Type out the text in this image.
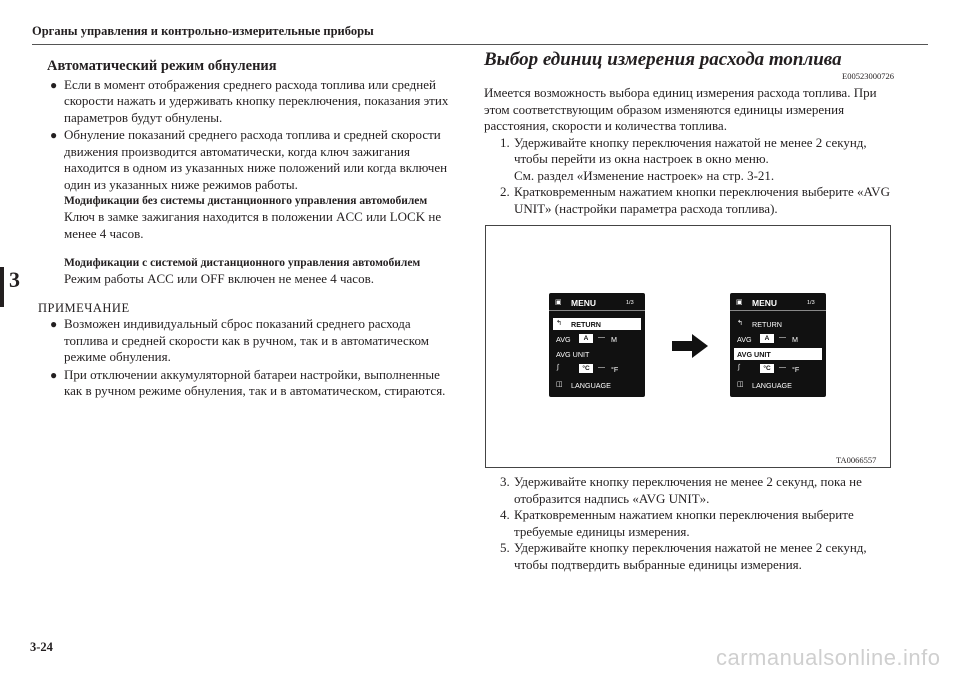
Органы управления и контрольно-измерительные приборы
3
Автоматический режим обнуления
● Если в момент отображения среднего расхода топлива или средней скорости нажать и удерживать кнопку переключения, показания этих параметров будут обнулены.
● Обнуление показаний среднего расхода топлива и средней скорости движения производится автоматически, когда ключ зажигания находится в одном из указанных ниже положений или когда включен один из указанных ниже режимов работы.
Модификации без системы дистанционного управления автомобилем
Ключ в замке зажигания находится в положении ACC или LOCK не менее 4 часов.
Модификации с системой дистанционного управления автомобилем
Режим работы ACC или OFF включен не менее 4 часов.
ПРИМЕЧАНИЕ
● Возможен индивидуальный сброс показаний среднего расхода топлива и средней скорости как в ручном, так и в автоматическом режиме обнуления.
● При отключении аккумуляторной батареи настройки, выполненные как в ручном режиме обнуления, так и в автоматическом, стираются.
Выбор единиц измерения расхода топлива
E00523000726
Имеется возможность выбора единиц измерения расхода топлива. При этом соответствующим образом изменяются единицы измерения расстояния, скорости и количества топлива.
1. Удерживайте кнопку переключения нажатой не менее 2 секунд, чтобы перейти из окна настроек в окно меню.
См. раздел «Изменение настроек» на стр. 3-21.
2. Кратковременным нажатием кнопки переключения выберите «AVG UNIT» (настройки параметра расхода топлива).
▣ MENU	1/3
↰ RETURN
AVG	A	— M
AVG UNIT
∫	°C	— °F
◫ LANGUAGE
▣ MENU	1/3
↰ RETURN
AVG	A	— M
AVG UNIT
∫	°C	— °F
◫ LANGUAGE
TA0066557
3. Удерживайте кнопку переключения не менее 2 секунд, пока не отобразится надпись «AVG UNIT».
4. Кратковременным нажатием кнопки переключения выберите требуемые единицы измерения.
5. Удерживайте кнопку переключения нажатой не менее 2 секунд, чтобы подтвердить выбранные единицы измерения.
3-24	carmanualsonline.info
